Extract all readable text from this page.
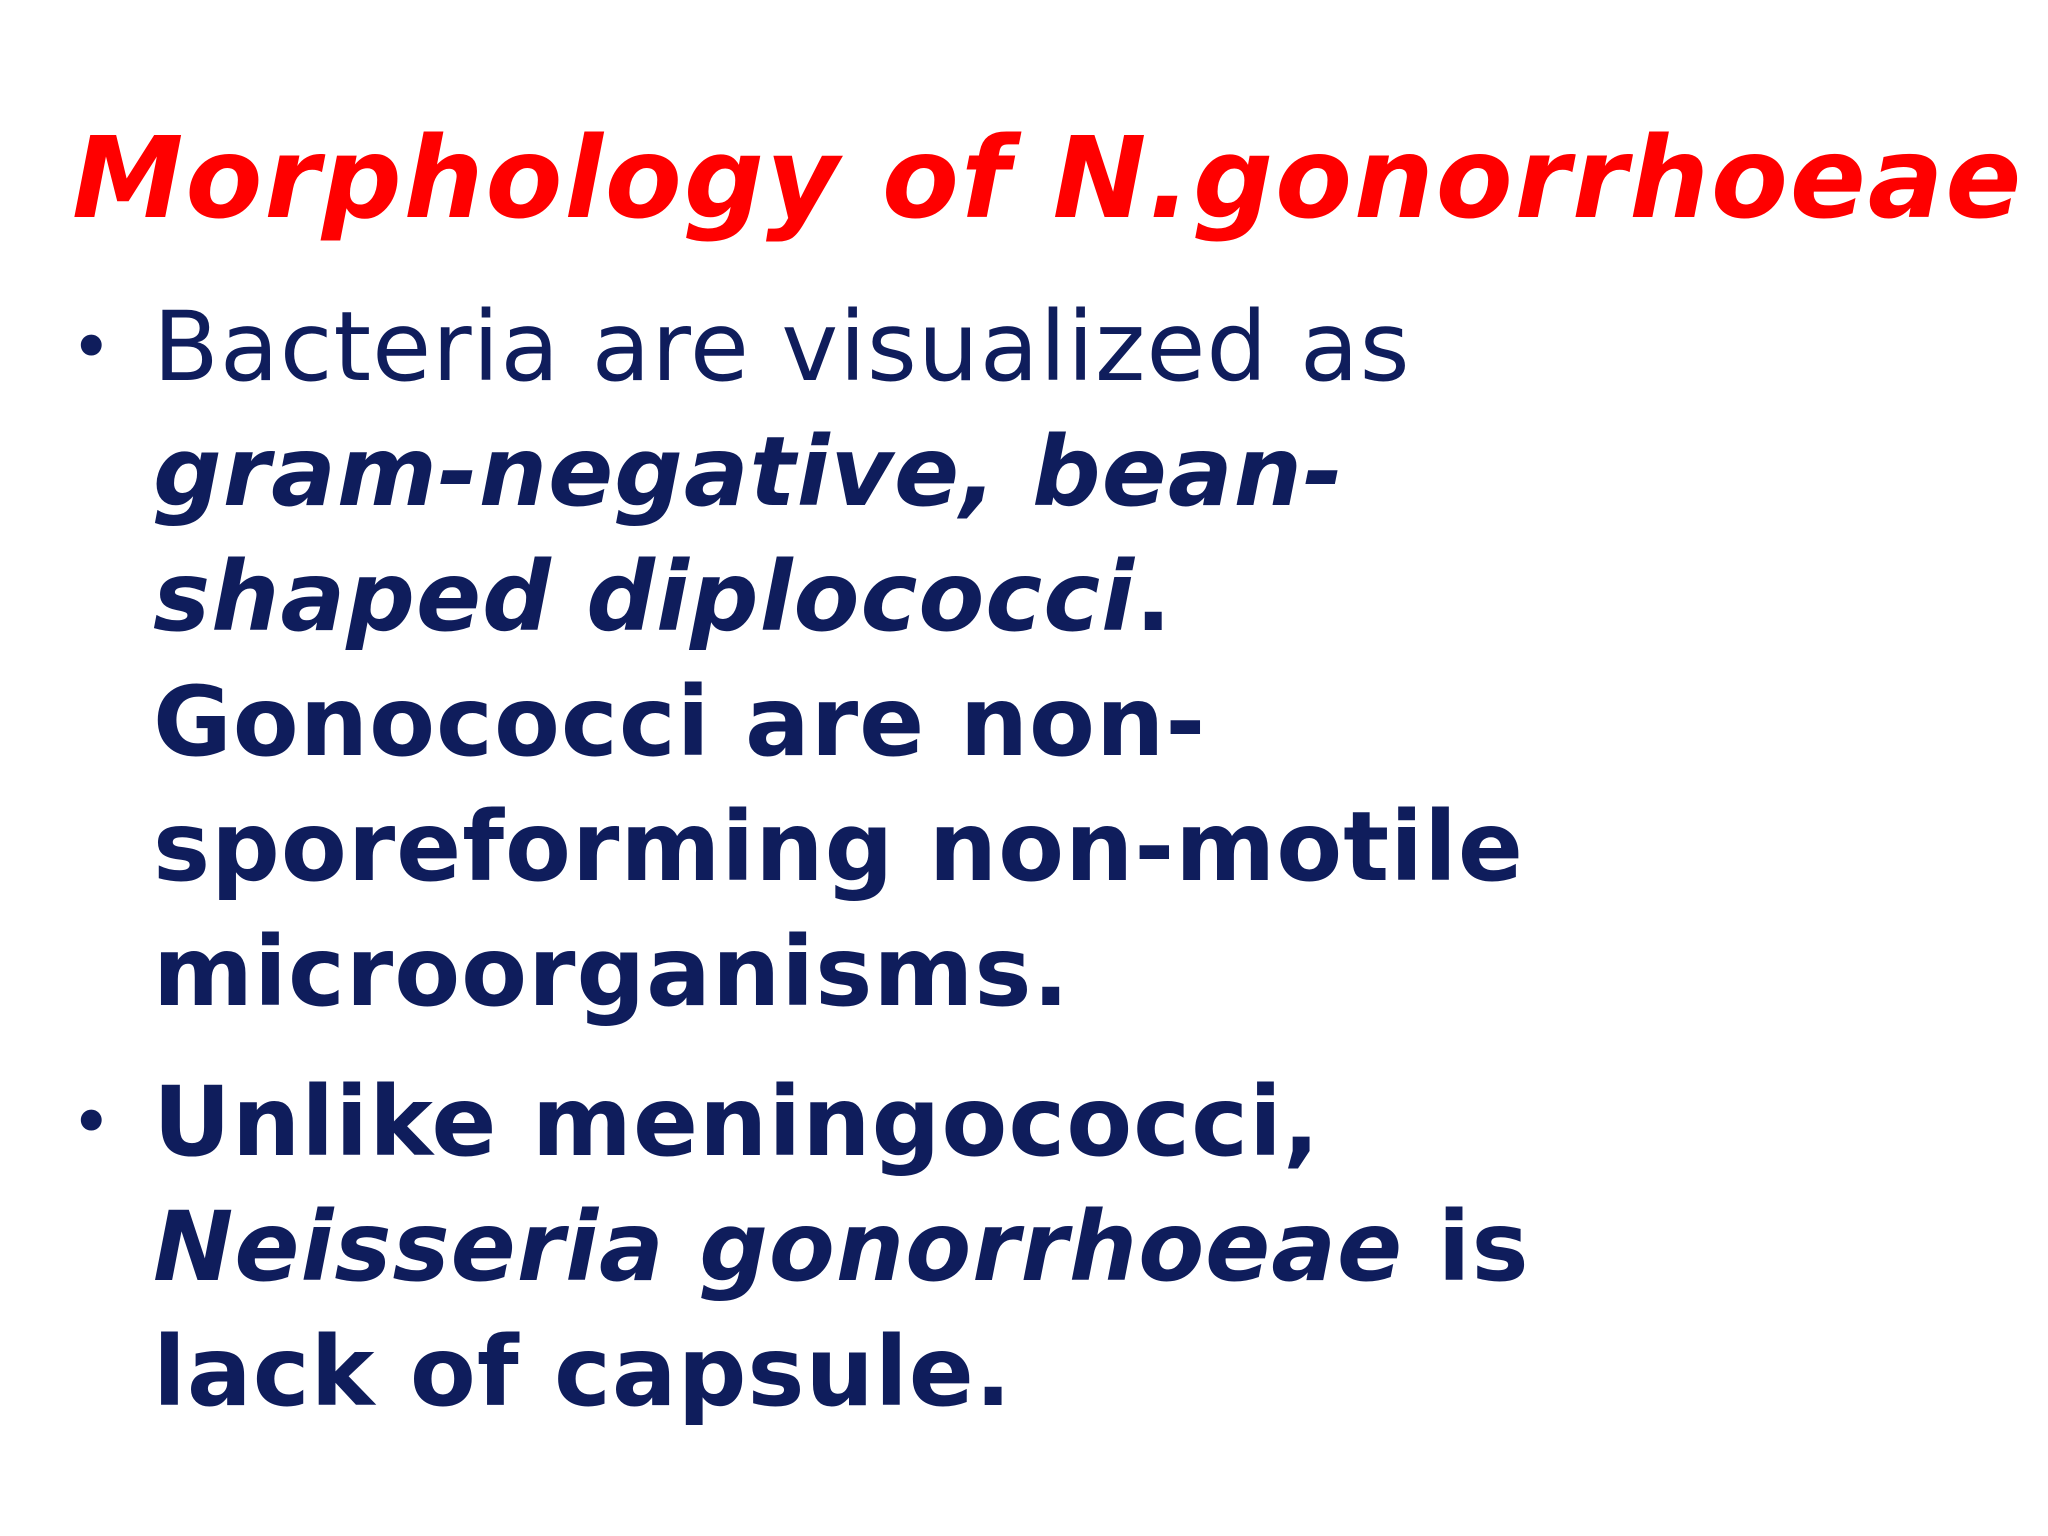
Morphology of N.gonorrhoeae
• Bacteria are visualized as gram-negative, bean-shaped diplococci. Gonococci are non-sporeforming non-motile microorganisms.
• Unlike meningococci, Neisseria gonorrhoeae is lack of capsule.
